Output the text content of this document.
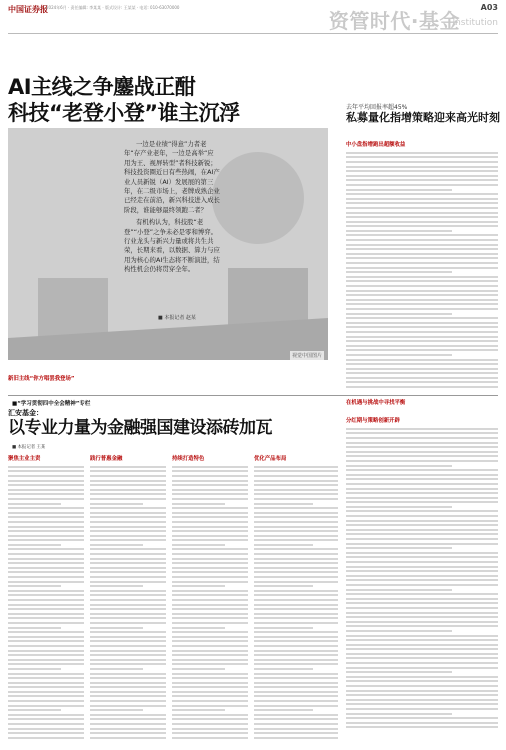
中国证券报
2024年6月 · 责任编辑: 李某某 · 版式设计: 王某某 · 电话: 010-63070000
资管时代·基金
A03
Institution
AI主线之争鏖战正酣
科技“老登小登”谁主沉浮
一边是业绩“得意”力者老年“存产业老年，一边是高举“应用为王、视屏转型”者科技新锐；科技投资圈近日有些热闹，在AI产业人员新锐（AI）发展展的第三年，在二级市场上，老牌成熟企业已经走在前沿，新兴科技进入成长阶段，谁能够最终领跑二者？
有机构认为，科技股“老登”“小登”之争未必是零和博弈。行业龙头与新兴力量或将共生共荣，长期来看，以数据、算力与应用为核心的AI生态将不断演进，结构性机会仍将贯穿全年。
■ 本报记者 赵某
视觉中国图片
新旧主线“你方唱罢我登场”
去年平均回报率超45%
私募量化指增策略迎来高光时刻
中小盘指增跑出超额收益
在机遇与挑战中寻找平衡
■“学习贯彻四中全会精神”专栏
汇安基金：
以专业力量为金融强国建设添砖加瓦
■ 本报记者 王某
聚焦主业主责	践行普惠金融	持续打造特色	优化产品布局
分红期与策略创新开辟
